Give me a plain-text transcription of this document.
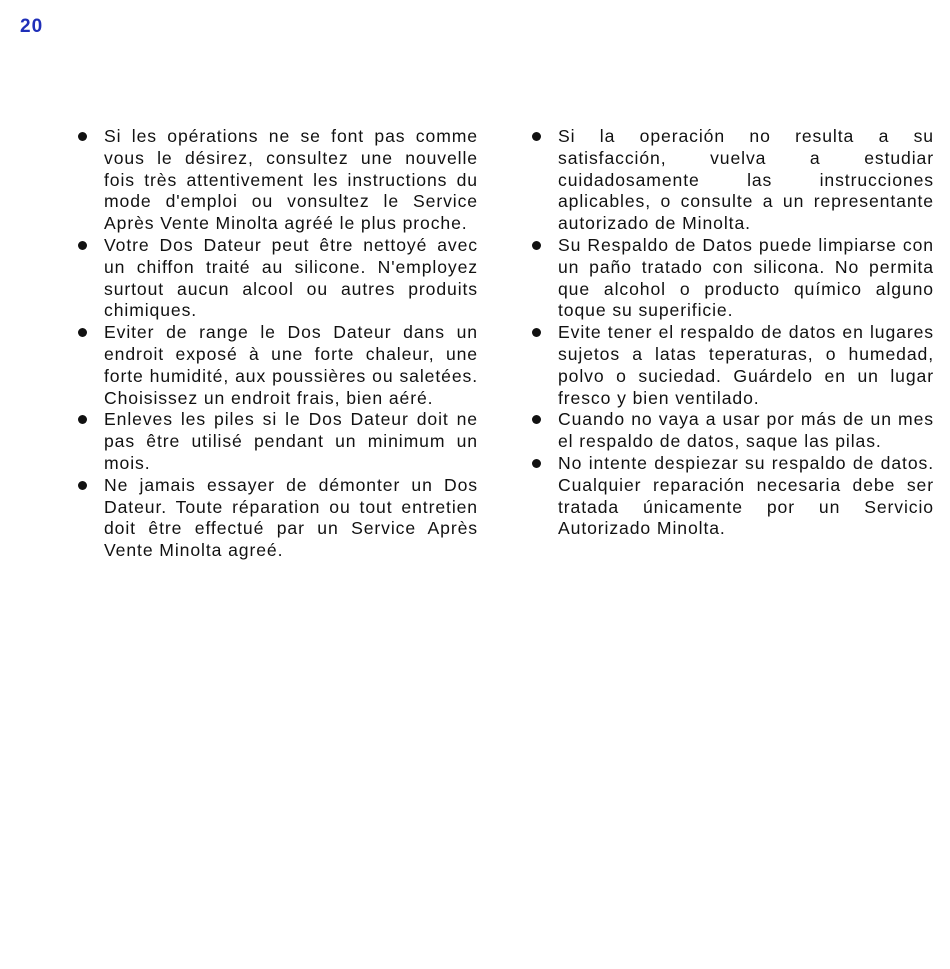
20
Si les opérations ne se font pas comme vous le désirez, consultez une nouvelle fois très attentivement les instructions du mode d'emploi ou vonsultez le Service Après Vente Minolta agréé le plus proche.
Votre Dos Dateur peut être nettoyé avec un chiffon traité au silicone. N'employez surtout aucun alcool ou autres produits chimiques.
Eviter de range le Dos Dateur dans un endroit exposé à une forte chaleur, une forte humidité, aux poussières ou saletées. Choisissez un endroit frais, bien aéré.
Enleves les piles si le Dos Dateur doit ne pas être utilisé pendant un minimum un mois.
Ne jamais essayer de démonter un Dos Dateur. Toute réparation ou tout entretien doit être effectué par un Service Après Vente Minolta agreé.
Si la operación no resulta a su satisfacción, vuelva a estudiar cuidadosamente las instrucciones aplicables, o consulte a un representante autorizado de Minolta.
Su Respaldo de Datos puede limpiarse con un paño tratado con silicona. No permita que alcohol o producto químico alguno toque su superificie.
Evite tener el respaldo de datos en lugares sujetos a latas teperaturas, o humedad, polvo o suciedad. Guárdelo en un lugar fresco y bien ventilado.
Cuando no vaya a usar por más de un mes el respaldo de datos, saque las pilas.
No intente despiezar su respaldo de datos. Cualquier reparación necesaria debe ser tratada únicamente por un Servicio Autorizado Minolta.
